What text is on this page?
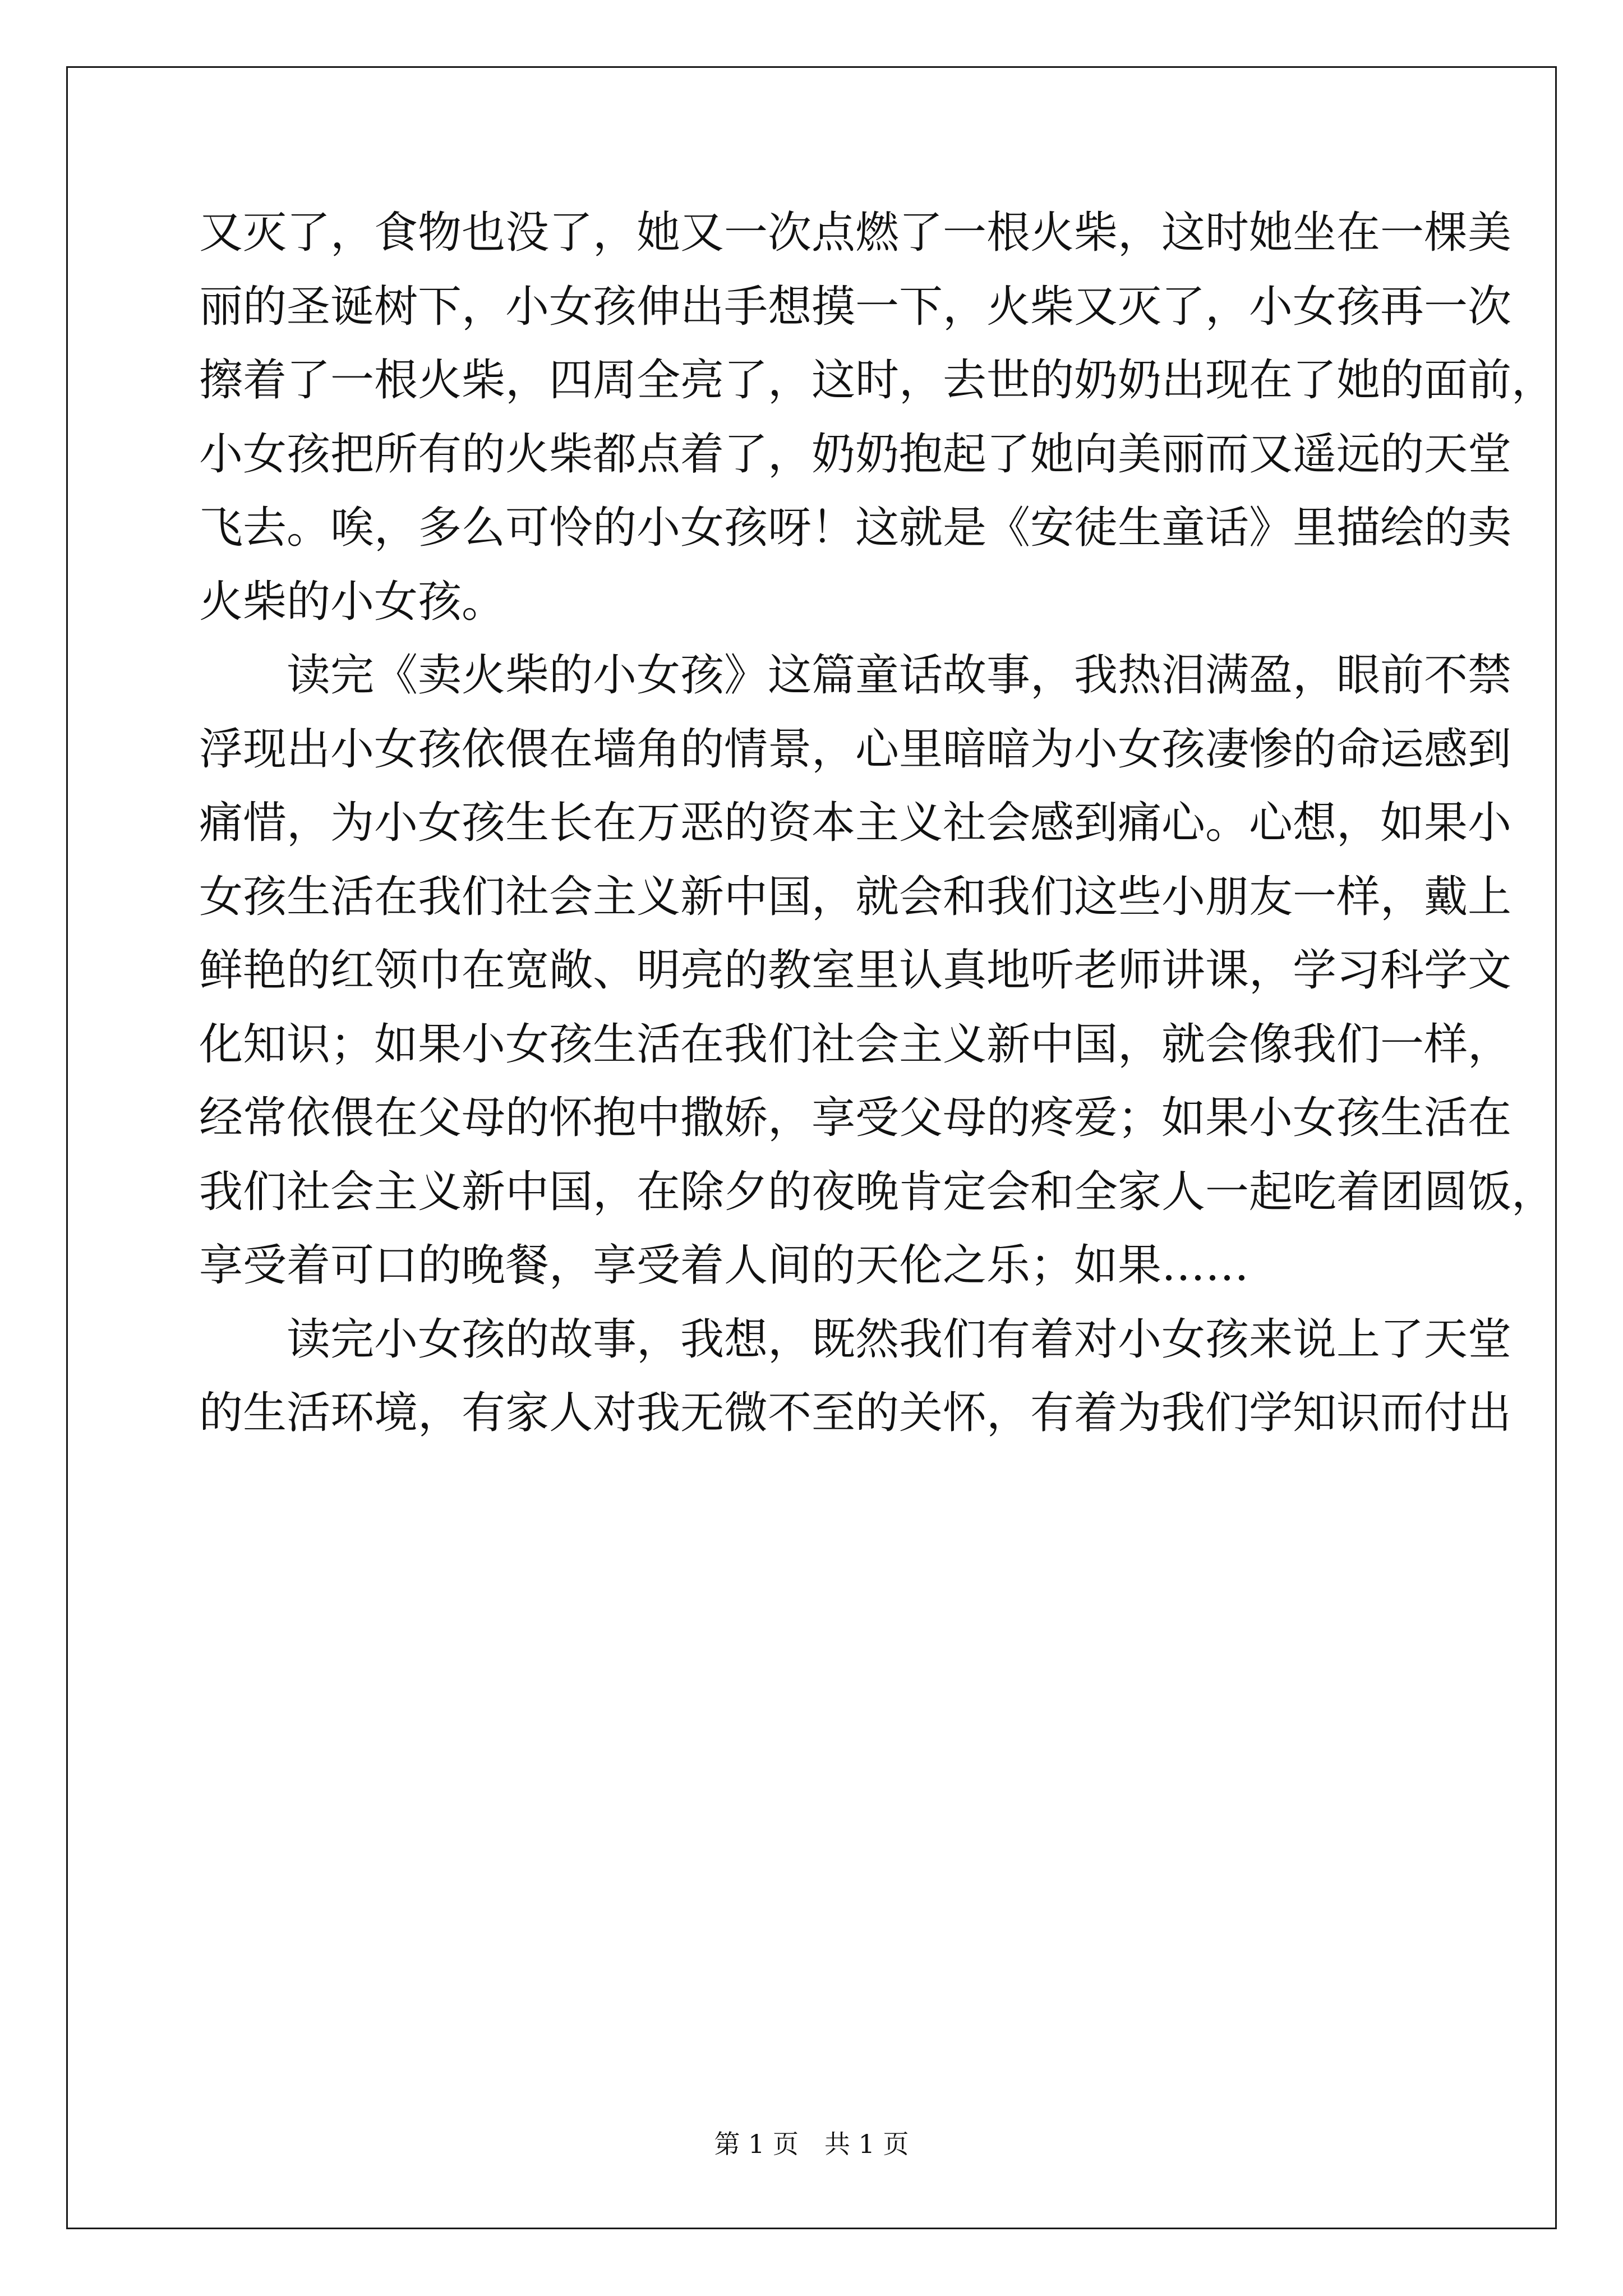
又灭了，食物也没了，她又一次点燃了一根火柴，这时她坐在一棵美
丽的圣诞树下，小女孩伸出手想摸一下，火柴又灭了，小女孩再一次
擦着了一根火柴，四周全亮了，这时，去世的奶奶出现在了她的面前，
小女孩把所有的火柴都点着了，奶奶抱起了她向美丽而又遥远的天堂
飞去。唉，多么可怜的小女孩呀！这就是《安徒生童话》里描绘的卖
火柴的小女孩。
　　读完《卖火柴的小女孩》这篇童话故事，我热泪满盈，眼前不禁
浮现出小女孩依偎在墙角的情景，心里暗暗为小女孩凄惨的命运感到
痛惜，为小女孩生长在万恶的资本主义社会感到痛心。心想，如果小
女孩生活在我们社会主义新中国，就会和我们这些小朋友一样，戴上
鲜艳的红领巾在宽敞、明亮的教室里认真地听老师讲课，学习科学文
化知识；如果小女孩生活在我们社会主义新中国，就会像我们一样，
经常依偎在父母的怀抱中撒娇，享受父母的疼爱；如果小女孩生活在
我们社会主义新中国，在除夕的夜晚肯定会和全家人一起吃着团圆饭，
享受着可口的晚餐，享受着人间的天伦之乐；如果……
　　读完小女孩的故事，我想，既然我们有着对小女孩来说上了天堂
的生活环境，有家人对我无微不至的关怀，有着为我们学知识而付出
第 1 页　共 1 页
